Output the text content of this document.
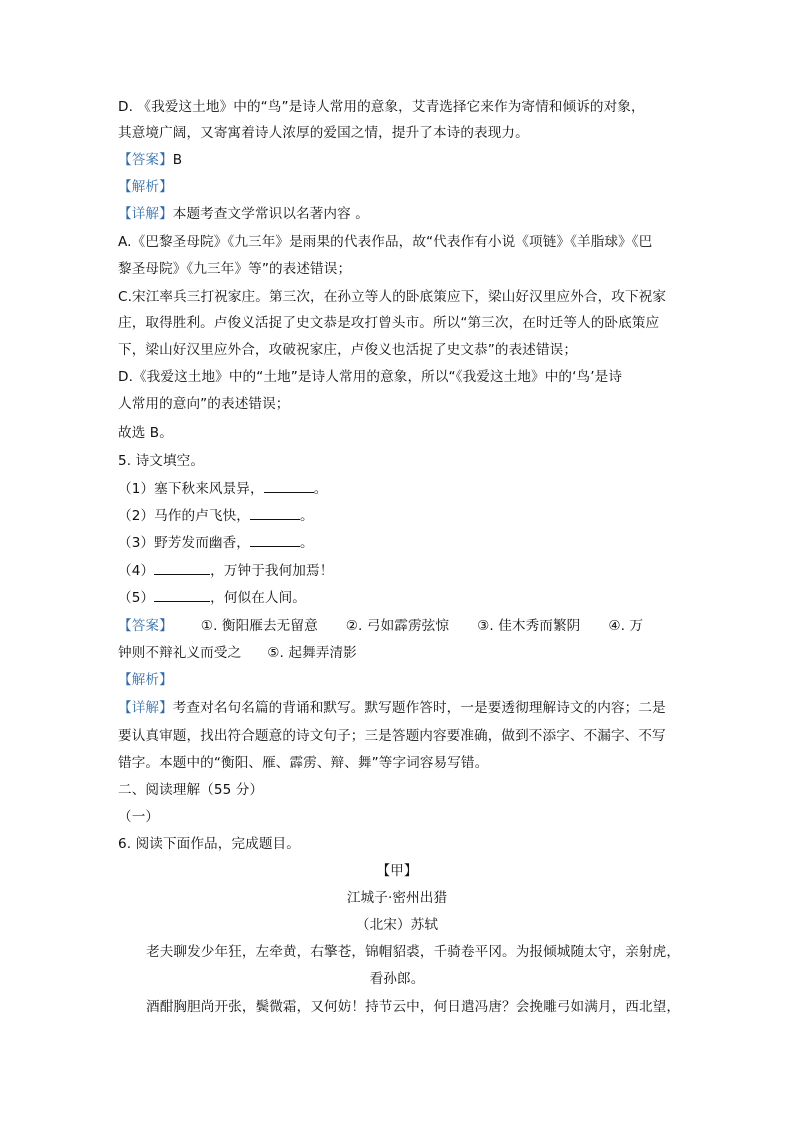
D. 《我爱这土地》中的“鸟”是诗人常用的意象，艾青选择它来作为寄情和倾诉的对象，
其意境广阔，又寄寓着诗人浓厚的爱国之情，提升了本诗的表现力。
【答案】B
【解析】
【详解】本题考查文学常识以名著内容 。
A.《巴黎圣母院》《九三年》是雨果的代表作品，故“代表作有小说《项链》《羊脂球》《巴
黎圣母院》《九三年》等”的表述错误；
C.宋江率兵三打祝家庄。第三次，在孙立等人的卧底策应下，梁山好汉里应外合，攻下祝家
庄，取得胜利。卢俊义活捉了史文恭是攻打曾头市。所以“第三次，在时迁等人的卧底策应
下，梁山好汉里应外合，攻破祝家庄，卢俊义也活捉了史文恭”的表述错误；
D.《我爱这土地》中的“土地”是诗人常用的意象，所以“《我爱这土地》中的‘鸟’是诗
人常用的意向”的表述错误；
故选 B。
5. 诗文填空。
（1）塞下秋来风景异，	。
（2）马作的卢飞快，	。
（3）野芳发而幽香，	。
（4）	，万钟于我何加焉！
（5）	，何似在人间。
【答案】 ①. 衡阳雁去无留意 ②. 弓如霹雳弦惊 ③. 佳木秀而繁阴 ④. 万
钟则不辩礼义而受之 ⑤. 起舞弄清影
【解析】
【详解】考查对名句名篇的背诵和默写。默写题作答时，一是要透彻理解诗文的内容；二是
要认真审题，找出符合题意的诗文句子；三是答题内容要准确，做到不添字、不漏字、不写
错字。本题中的“衡阳、雁、霹雳、辩、舞”等字词容易写错。
二、阅读理解（55 分）
（一）
6. 阅读下面作品，完成题目。
【甲】
江城子·密州出猎
（北宋）苏轼
老夫聊发少年狂，左牵黄，右擎苍，锦帽貂裘，千骑卷平冈。为报倾城随太守，亲射虎，
看孙郎。
酒酣胸胆尚开张，鬓微霜，又何妨！持节云中，何日遣冯唐？会挽雕弓如满月，西北望，
